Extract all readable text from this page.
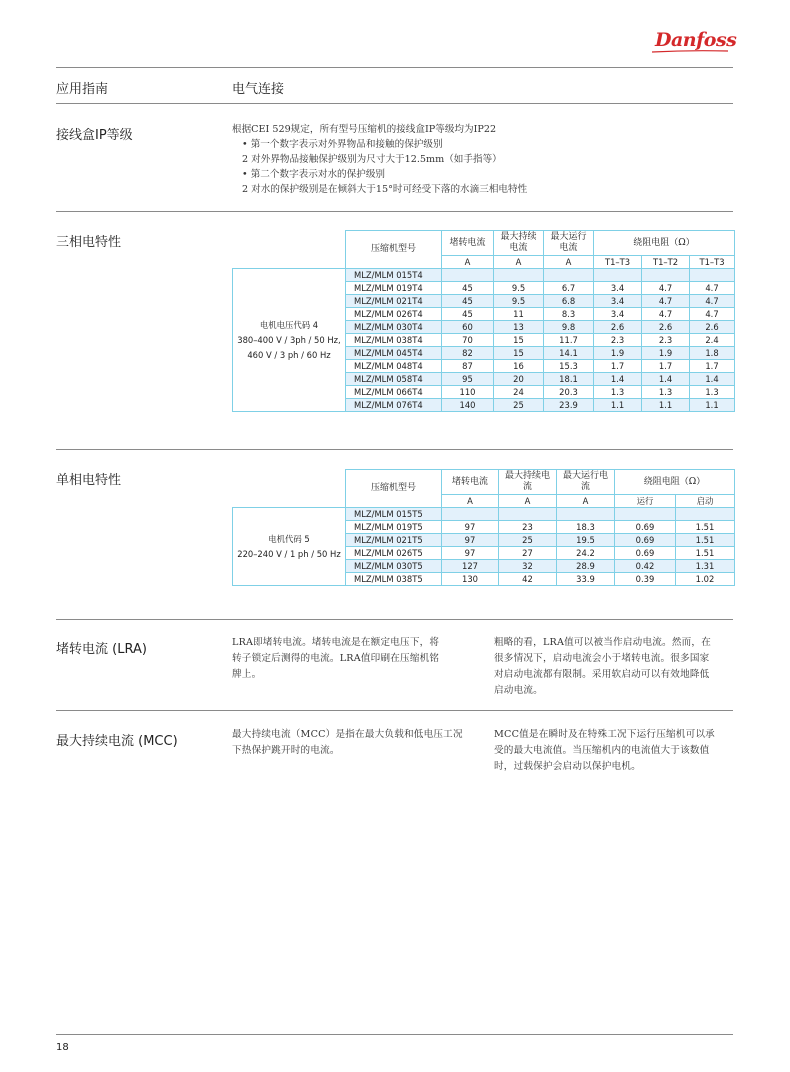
Danfoss
应用指南	电气连接
接线盒IP等级	根据CEI 529规定，所有型号压缩机的接线盒IP等级均为IP22
• 第一个数字表示对外界物品和接触的保护级别
2 对外界物品接触保护级别为尺寸大于12.5mm（如手指等）
• 第二个数字表示对水的保护级别
2 对水的保护级别是在倾斜大于15°时可经受下落的水滴三相电特性
三相电特性
		压缩机型号	堵转电流	最大持续电流	最大运行电流	绕阻电阻（Ω）		
		A	A	A	T1–T3	T1–T2	T1–T3

电机电压代码 4
380–400 V / 3ph / 50 Hz,
460 V / 3 ph / 60 Hz	MLZ/MLM 015T4						
	MLZ/MLM 019T4	45	9.5	6.7	3.4	4.7	4.7
	MLZ/MLM 021T4	45	9.5	6.8	3.4	4.7	4.7
	MLZ/MLM 026T4	45	11	8.3	3.4	4.7	4.7
	MLZ/MLM 030T4	60	13	9.8	2.6	2.6	2.6
	MLZ/MLM 038T4	70	15	11.7	2.3	2.3	2.4
	MLZ/MLM 045T4	82	15	14.1	1.9	1.9	1.8
	MLZ/MLM 048T4	87	16	15.3	1.7	1.7	1.7
	MLZ/MLM 058T4	95	20	18.1	1.4	1.4	1.4
	MLZ/MLM 066T4	110	24	20.3	1.3	1.3	1.3
	MLZ/MLM 076T4	140	25	23.9	1.1	1.1	1.1
单相电特性
		压缩机型号	堵转电流	最大持续电流	最大运行电流	绕阻电阻（Ω）	
		A	A	A	运行	启动

电机代码 5
220–240 V / 1 ph / 50 Hz	MLZ/MLM 015T5					
	MLZ/MLM 019T5	97	23	18.3	0.69	1.51
	MLZ/MLM 021T5	97	25	19.5	0.69	1.51
	MLZ/MLM 026T5	97	27	24.2	0.69	1.51
	MLZ/MLM 030T5	127	32	28.9	0.42	1.31
	MLZ/MLM 038T5	130	42	33.9	0.39	1.02
堵转电流 (LRA)	LRA即堵转电流。堵转电流是在额定电压下，将
转子锁定后测得的电流。LRA值印刷在压缩机铭
牌上。
粗略的看，LRA值可以被当作启动电流。然而，在
很多情况下，启动电流会小于堵转电流。很多国家
对启动电流都有限制。采用软启动可以有效地降低
启动电流。
最大持续电流 (MCC)	最大持续电流（MCC）是指在最大负载和低电压工况
下热保护跳开时的电流。
MCC值是在瞬时及在特殊工况下运行压缩机可以承
受的最大电流值。当压缩机内的电流值大于该数值
时，过载保护会启动以保护电机。
18
